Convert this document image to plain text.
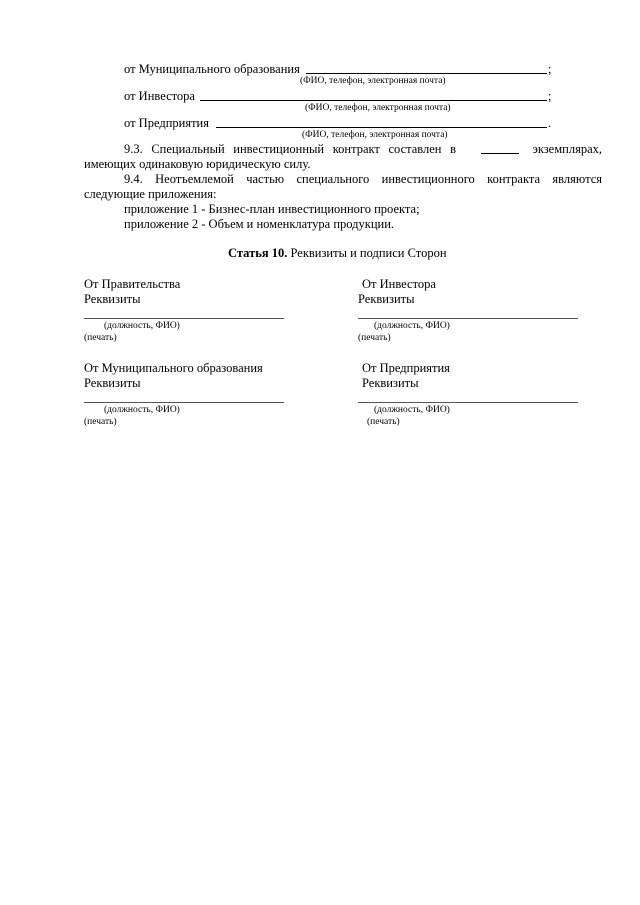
от Муниципального образования	;
(ФИО, телефон, электронная почта)
от Инвестора	;
(ФИО, телефон, электронная почта)
от Предприятия	.
(ФИО, телефон, электронная почта)
9.3. Специальный инвестиционный контракт составлен в	экземплярах,
имеющих одинаковую юридическую силу.
9.4. Неотъемлемой частью специального инвестиционного контракта являются
следующие приложения:
приложение 1 - Бизнес-план инвестиционного проекта;
приложение 2 - Объем и номенклатура продукции.
Статья 10. Реквизиты и подписи Сторон
От Правительства
Реквизиты
(должность, ФИО)
(печать)
От Муниципального образования
Реквизиты
(должность, ФИО)
(печать)
От Инвестора
Реквизиты
(должность, ФИО)
(печать)
От Предприятия
Реквизиты
(должность, ФИО)
(печать)
